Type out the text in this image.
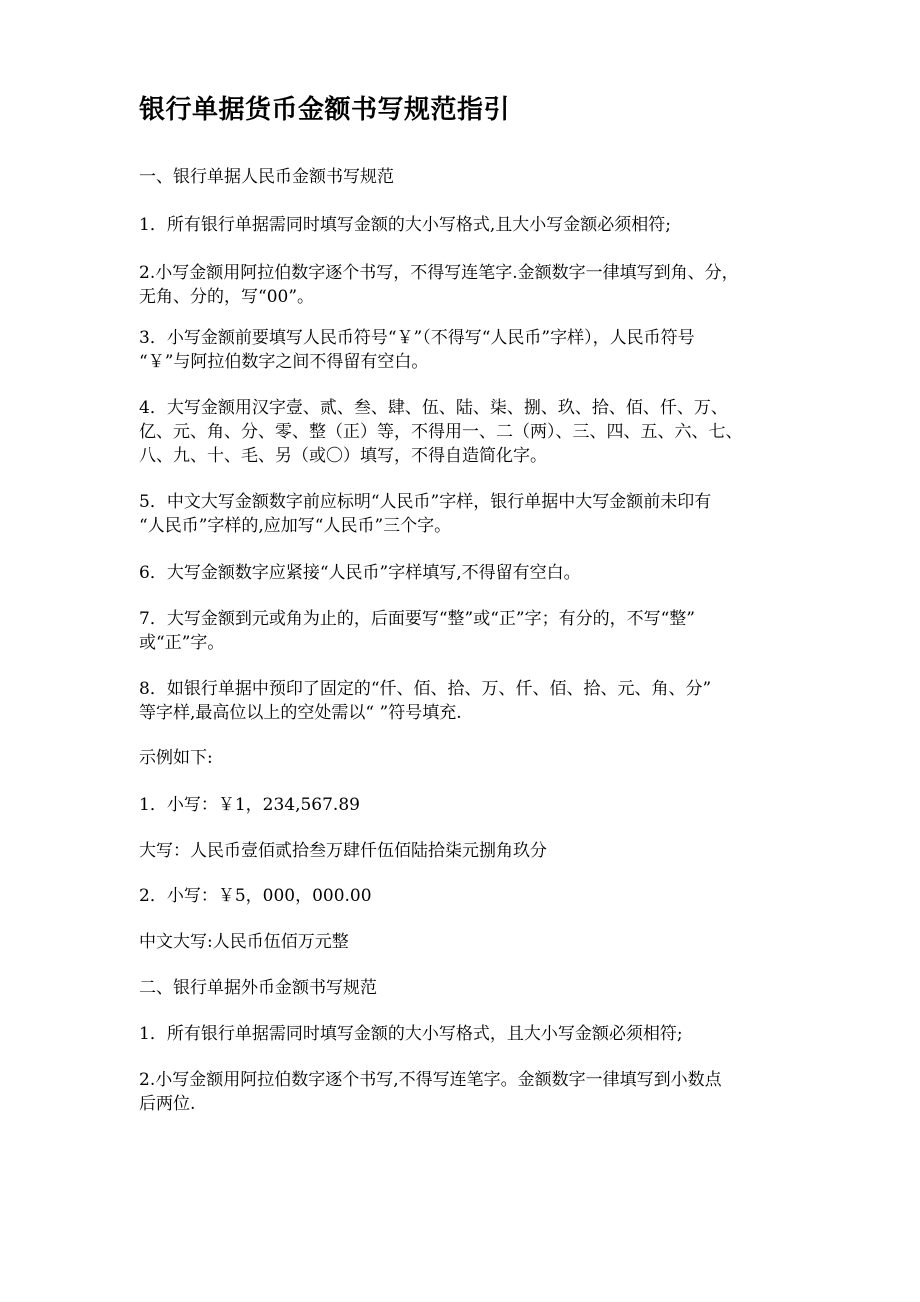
银行单据货币金额书写规范指引

一、银行单据人民币金额书写规范

1．所有银行单据需同时填写金额的大小写格式,且大小写金额必须相符;

2.小写金额用阿拉伯数字逐个书写，不得写连笔字.金额数字一律填写到角、分，
无角、分的，写“00”。

3．小写金额前要填写人民币符号“￥”（不得写“人民币”字样），人民币符号
“￥”与阿拉伯数字之间不得留有空白。

4．大写金额用汉字壹、贰、叁、肆、伍、陆、柒、捌、玖、拾、佰、仟、万、
亿、元、角、分、零、整（正）等，不得用一、二（两）、三、四、五、六、七、
八、九、十、毛、另（或〇）填写，不得自造简化字。

5．中文大写金额数字前应标明“人民币”字样，银行单据中大写金额前未印有
“人民币”字样的,应加写“人民币”三个字。

6．大写金额数字应紧接“人民币”字样填写,不得留有空白。

7．大写金额到元或角为止的，后面要写“整”或“正”字；有分的，不写“整”
或“正”字。

8．如银行单据中预印了固定的“仟、佰、拾、万、仟、佰、拾、元、角、分”
等字样,最高位以上的空处需以“ ”符号填充.

示例如下:

1．小写：￥1，234,567.89

大写：人民币壹佰贰拾叁万肆仟伍佰陆拾柒元捌角玖分

2．小写：￥5，000，000.00

中文大写:人民币伍佰万元整

二、银行单据外币金额书写规范

1．所有银行单据需同时填写金额的大小写格式，且大小写金额必须相符;

2.小写金额用阿拉伯数字逐个书写,不得写连笔字。金额数字一律填写到小数点
后两位.
